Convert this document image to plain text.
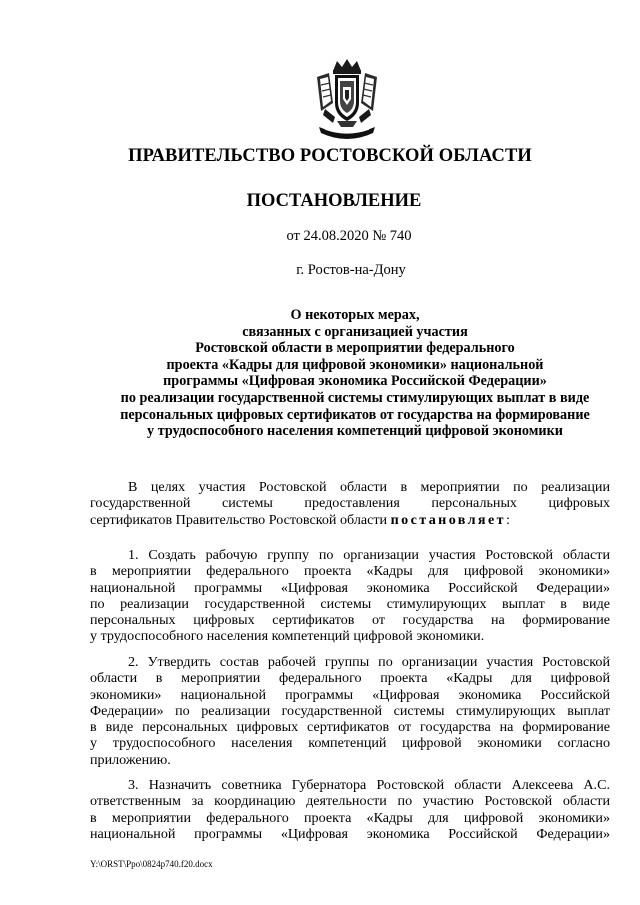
ПРАВИТЕЛЬСТВО РОСТОВСКОЙ ОБЛАСТИ
ПОСТАНОВЛЕНИЕ
от 24.08.2020 № 740
г. Ростов-на-Дону
О некоторых мерах,
связанных с организацией участия
Ростовской области в мероприятии федерального
проекта «Кадры для цифровой экономики» национальной
программы «Цифровая экономика Российской Федерации»
по реализации государственной системы стимулирующих выплат в виде
персональных цифровых сертификатов от государства на формирование
у трудоспособного населения компетенций цифровой экономики
В целях участия Ростовской области в мероприятии по реализации
государственной системы предоставления персональных цифровых
сертификатов Правительство Ростовской области постановляет:
1. Создать рабочую группу по организации участия Ростовской области
в мероприятии федерального проекта «Кадры для цифровой экономики»
национальной программы «Цифровая экономика Российской Федерации»
по реализации государственной системы стимулирующих выплат в виде
персональных цифровых сертификатов от государства на формирование
у трудоспособного населения компетенций цифровой экономики.
2. Утвердить состав рабочей группы по организации участия Ростовской
области в мероприятии федерального проекта «Кадры для цифровой
экономики» национальной программы «Цифровая экономика Российской
Федерации» по реализации государственной системы стимулирующих выплат
в виде персональных цифровых сертификатов от государства на формирование
у трудоспособного населения компетенций цифровой экономики согласно
приложению.
3. Назначить советника Губернатора Ростовской области Алексеева А.С.
ответственным за координацию деятельности по участию Ростовской области
в мероприятии федерального проекта «Кадры для цифровой экономики»
национальной программы «Цифровая экономика Российской Федерации»
Y:\ORST\Ppo\0824p740.f20.docx
